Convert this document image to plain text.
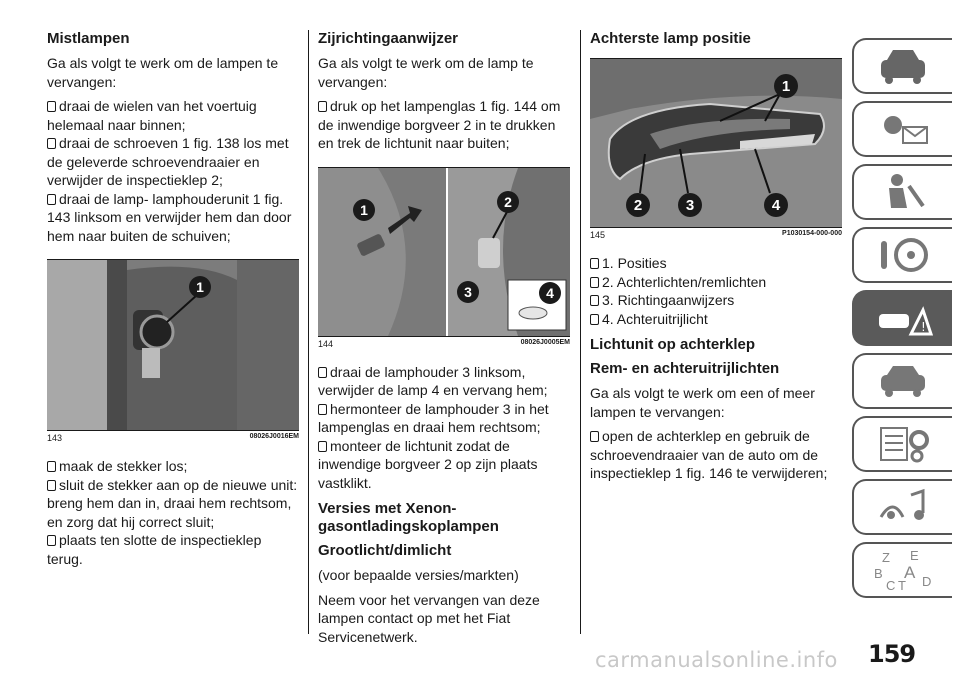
Mistlampen

Ga als volgt te werk om de lampen te vervangen:

draai de wielen van het voertuig helemaal naar binnen;
draai de schroeven 1 fig. 138 los met de geleverde schroevendraaier en verwijder de inspectieklep 2;
draai de lamp- lamphouderunit 1 fig. 143 linksom en verwijder hem dan door hem naar buiten de schuiven;
1
143	08026J0016EM
maak de stekker los;
sluit de stekker aan op de nieuwe unit: breng hem dan in, draai hem rechtsom, en zorg dat hij correct sluit;
plaats ten slotte de inspectieklep terug.
Zijrichtingaanwijzer

Ga als volgt te werk om de lamp te vervangen:

druk op het lampenglas 1 fig. 144 om de inwendige borgveer 2 in te drukken en trek de lichtunit naar buiten;
1	2
3	4
144	08026J0005EM
draai de lamphouder 3 linksom, verwijder de lamp 4 en vervang hem;
hermonteer de lamphouder 3 in het lampenglas en draai hem rechtsom;
monteer de lichtunit zodat de inwendige borgveer 2 op zijn plaats vastklikt.
Versies met Xenon-gasontladingskoplampen
Grootlicht/dimlicht

(voor bepaalde versies/markten)

Neem voor het vervangen van deze lampen contact op met het Fiat Servicenetwerk.

Achterste lamp positie
1
2	3	4
145	P1030154-000-000
1. Posities
2. Achterlichten/remlichten
3. Richtingaanwijzers
4. Achteruitrijlicht
Lichtunit op achterklep
Rem- en achteruitrijlichten

Ga als volgt te werk om een of meer lampen te vervangen:

open de achterklep en gebruik de schroevendraaier van de auto om de inspectieklep 1 fig. 146 te verwijderen;
!
Z E
B A
C T D
carmanualsonline.info 159
